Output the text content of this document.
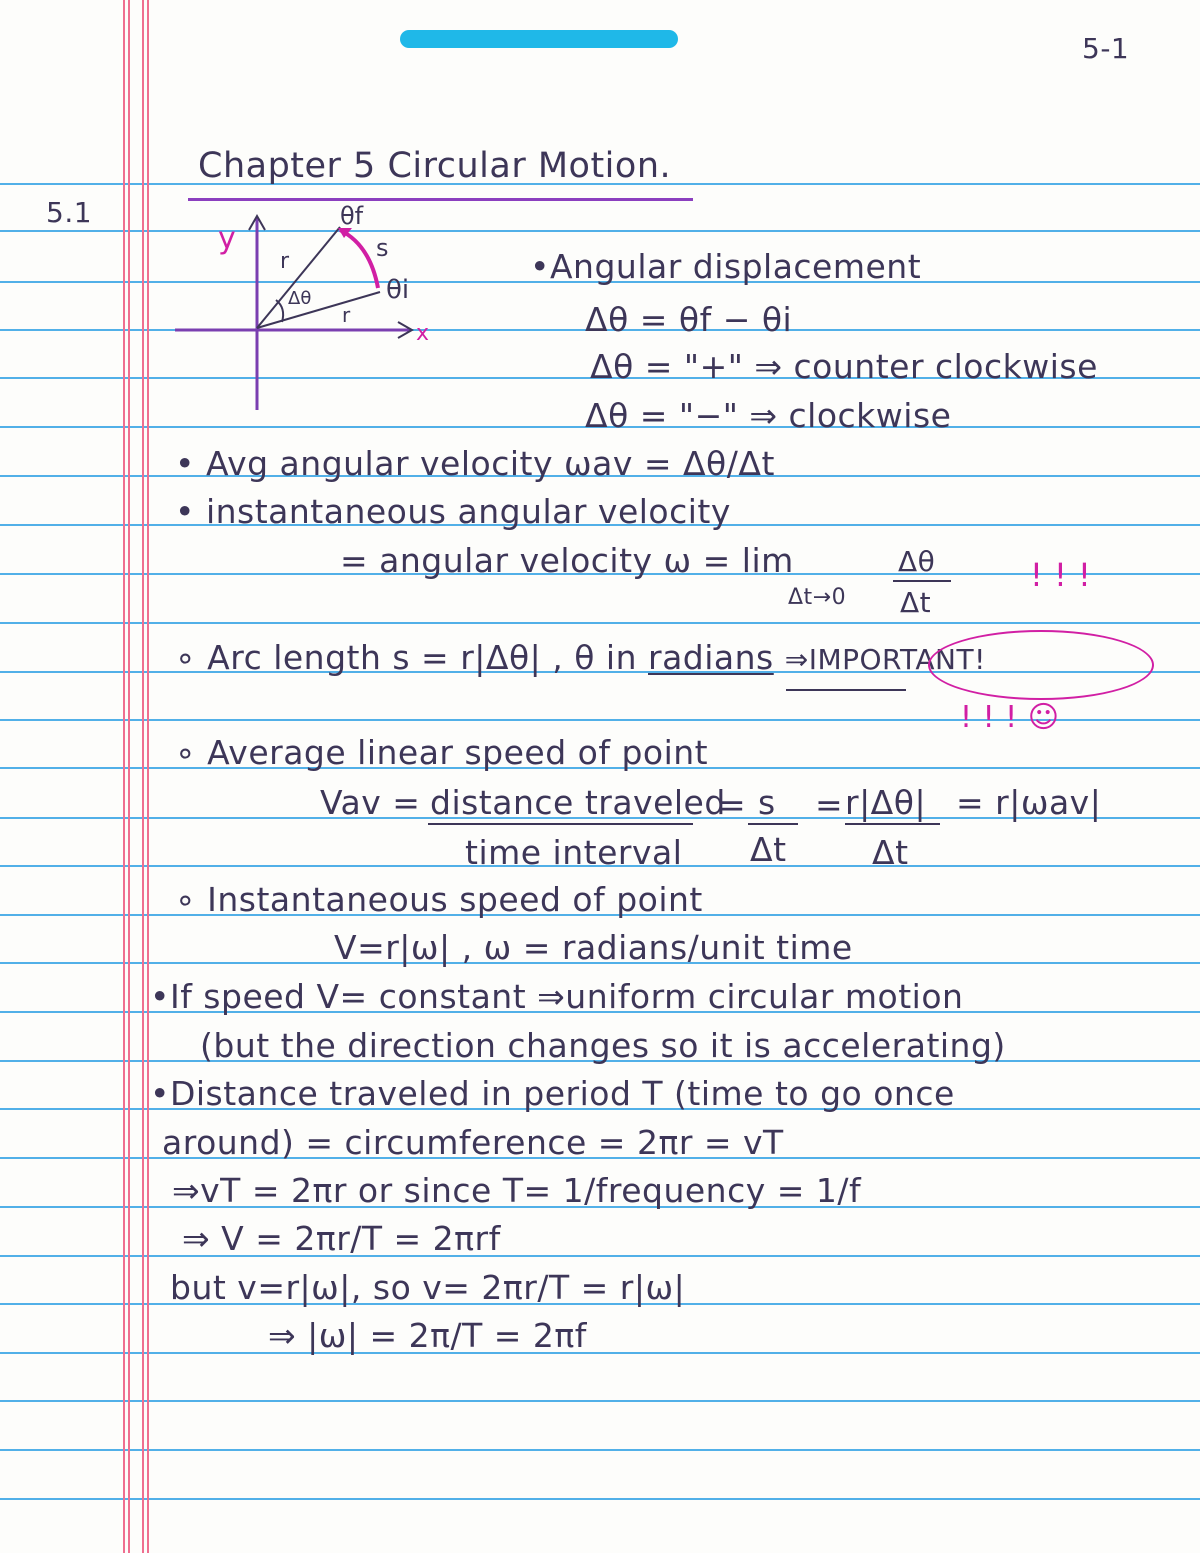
5-1
5.1
Chapter 5 Circular Motion.
y
x
θf
θi
s
Δθ
r
r
•Angular displacement
Δθ = θf − θi
Δθ = "+" ⇒ counter clockwise
Δθ = "−" ⇒ clockwise
• Avg angular velocity ωav = Δθ/Δt
• instantaneous angular velocity
= angular velocity ω = lim
Δt→0
Δθ
Δt
! ! !
∘ Arc length s = r|Δθ| , θ in radians ⇒IMPORTANT!
! ! ! ☺
∘ Average linear speed of point
Vav = distance traveled
time interval
= s
Δt
= r|Δθ|
Δt
= r|ωav|
∘ Instantaneous speed of point
V=r|ω| , ω = radians/unit time
•If speed V= constant ⇒uniform circular motion
(but the direction changes so it is accelerating)
•Distance traveled in period T (time to go once
around) = circumference = 2πr = vT
⇒vT = 2πr or since T= 1/frequency = 1/f
⇒ V = 2πr/T = 2πrf
but v=r|ω|, so v= 2πr/T = r|ω|
⇒ |ω| = 2π/T = 2πf
